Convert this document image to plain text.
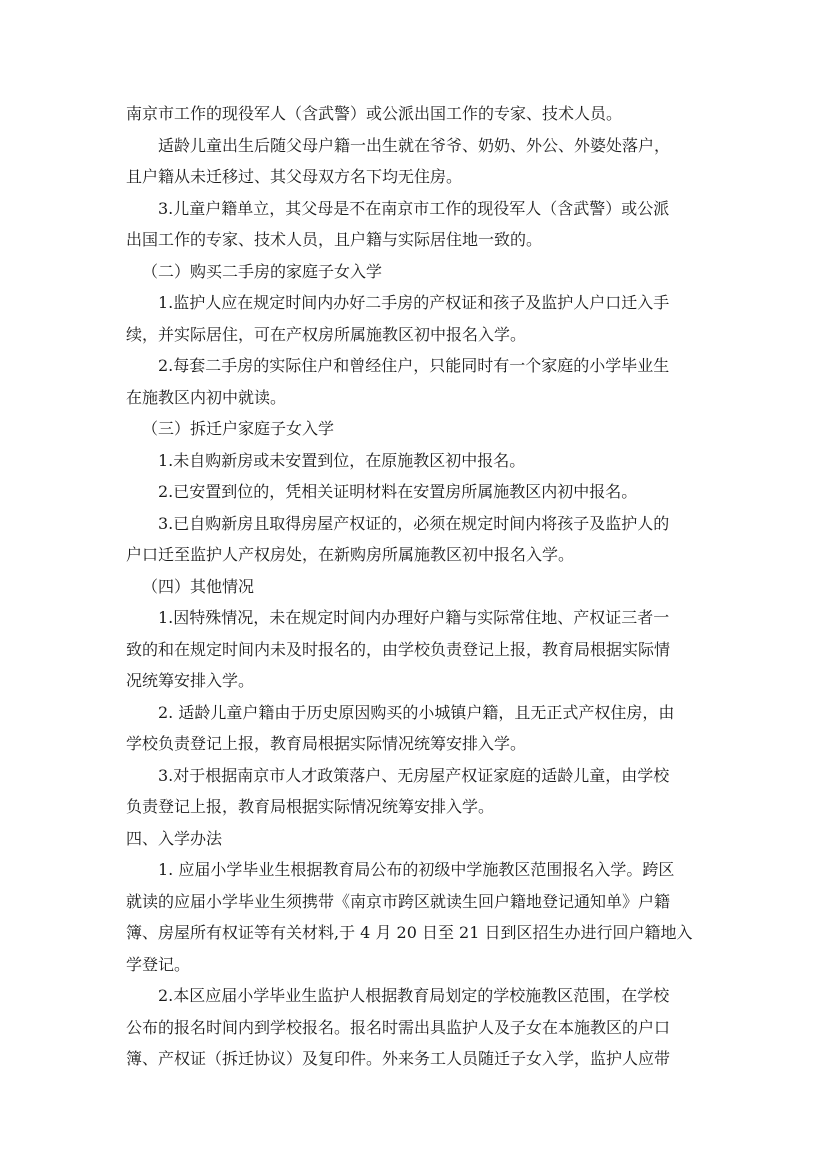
南京市工作的现役军人（含武警）或公派出国工作的专家、技术人员。
适龄儿童出生后随父母户籍一出生就在爷爷、奶奶、外公、外婆处落户，
且户籍从未迁移过、其父母双方名下均无住房。
3.儿童户籍单立，其父母是不在南京市工作的现役军人（含武警）或公派
出国工作的专家、技术人员，且户籍与实际居住地一致的。
（二）购买二手房的家庭子女入学
1.监护人应在规定时间内办好二手房的产权证和孩子及监护人户口迁入手
续，并实际居住，可在产权房所属施教区初中报名入学。
2.每套二手房的实际住户和曾经住户，只能同时有一个家庭的小学毕业生
在施教区内初中就读。
（三）拆迁户家庭子女入学
1.未自购新房或未安置到位，在原施教区初中报名。
2.已安置到位的，凭相关证明材料在安置房所属施教区内初中报名。
3.已自购新房且取得房屋产权证的，必须在规定时间内将孩子及监护人的
户口迁至监护人产权房处，在新购房所属施教区初中报名入学。
（四）其他情况
1.因特殊情况，未在规定时间内办理好户籍与实际常住地、产权证三者一
致的和在规定时间内未及时报名的，由学校负责登记上报，教育局根据实际情
况统筹安排入学。
2. 适龄儿童户籍由于历史原因购买的小城镇户籍，且无正式产权住房，由
学校负责登记上报，教育局根据实际情况统筹安排入学。
3.对于根据南京市人才政策落户、无房屋产权证家庭的适龄儿童，由学校
负责登记上报，教育局根据实际情况统筹安排入学。
四、入学办法
1. 应届小学毕业生根据教育局公布的初级中学施教区范围报名入学。跨区
就读的应届小学毕业生须携带《南京市跨区就读生回户籍地登记通知单》户籍
簿、房屋所有权证等有关材料,于 4 月 20 日至 21 日到区招生办进行回户籍地入
学登记。
2.本区应届小学毕业生监护人根据教育局划定的学校施教区范围，在学校
公布的报名时间内到学校报名。报名时需出具监护人及子女在本施教区的户口
簿、产权证（拆迁协议）及复印件。外来务工人员随迁子女入学，监护人应带
